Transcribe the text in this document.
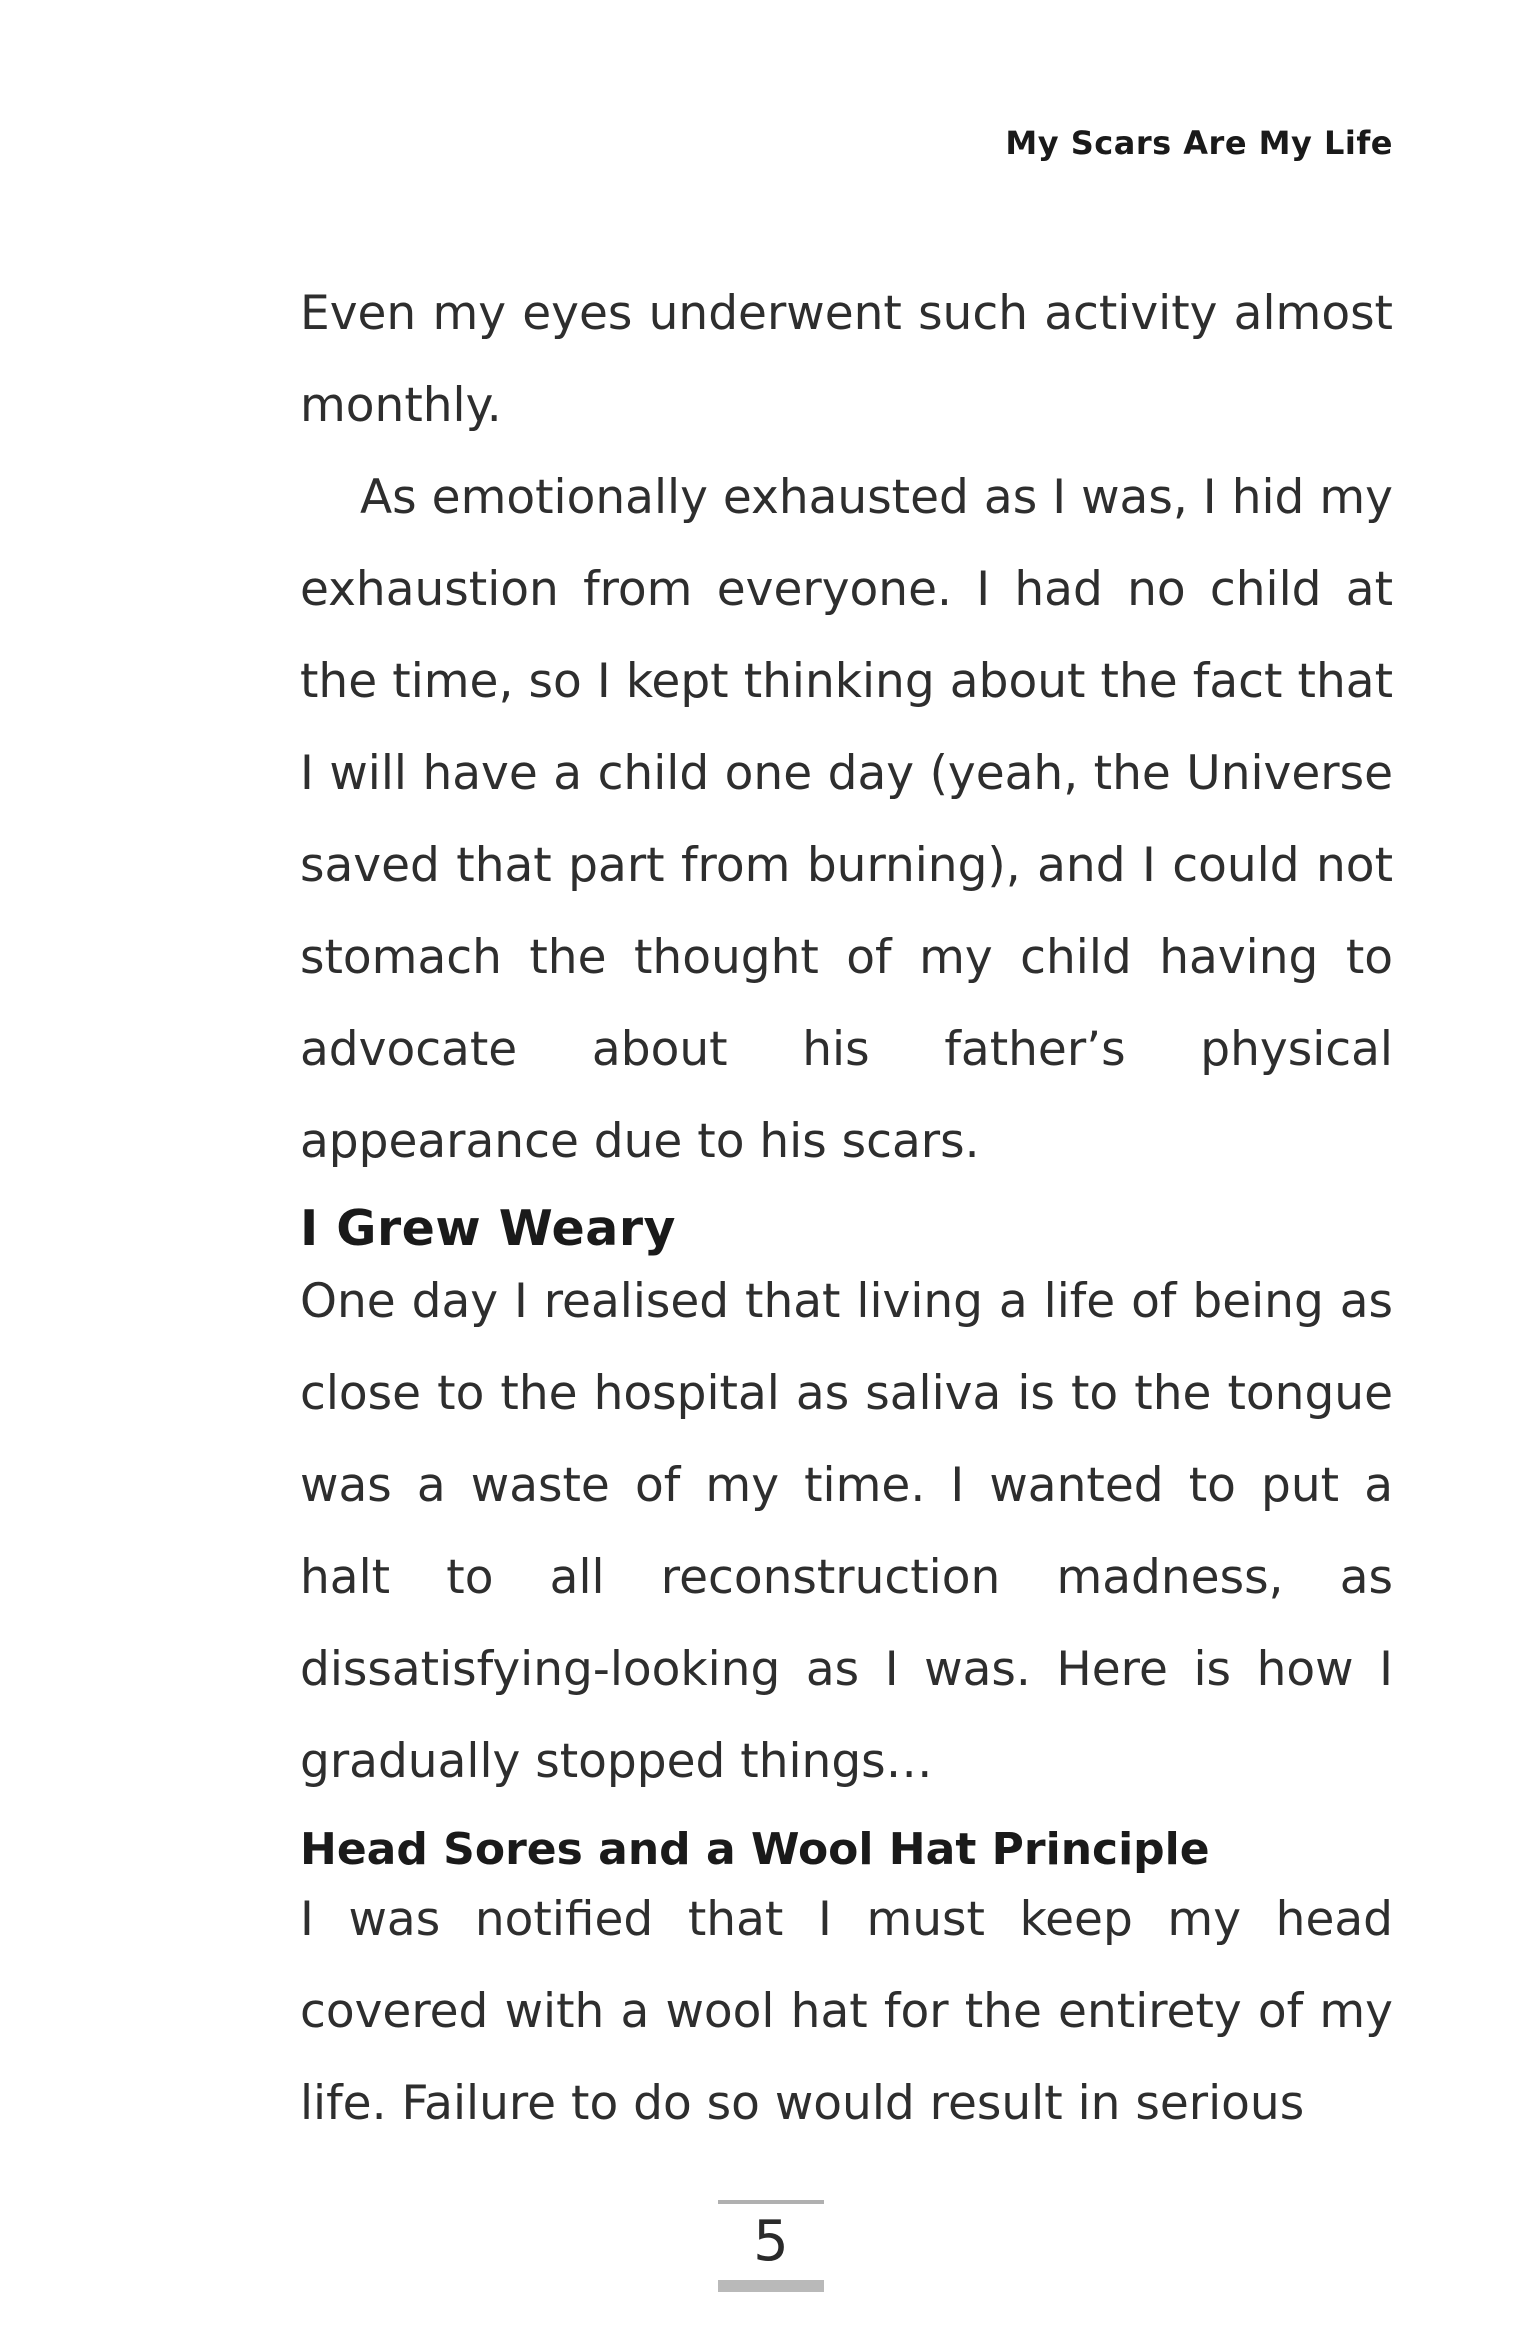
My Scars Are My Life

Even my eyes underwent such activity almost monthly.

As emotionally exhausted as I was, I hid my exhaustion from everyone. I had no child at the time, so I kept thinking about the fact that I will have a child one day (yeah, the Universe saved that part from burning), and I could not stomach the thought of my child having to advocate about his father’s physical appearance due to his scars.

I Grew Weary

One day I realised that living a life of being as close to the hospital as saliva is to the tongue was a waste of my time. I wanted to put a halt to all reconstruction madness, as dissatisfying-looking as I was. Here is how I gradually stopped things…

Head Sores and a Wool Hat Principle

I was notified that I must keep my head covered with a wool hat for the entirety of my life. Failure to do so would result in serious

5
